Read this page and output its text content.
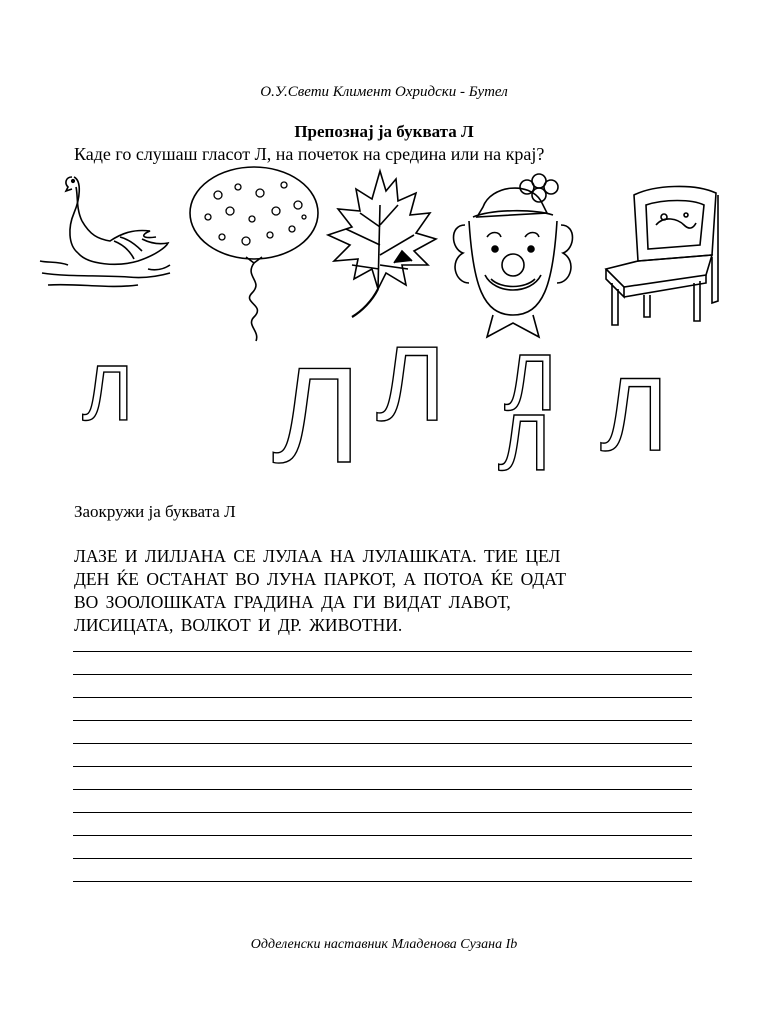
О.У.Свети Климент Охридски - Бутел
Препознај ја буквата Л
Каде го слушаш гласот Л, на почеток на средина или на крај?
Л Л Л Л
Л Л
Заокружи ја буквата Л
ЛАЗЕ И ЛИЛЈАНА СЕ ЛУЛАА НА ЛУЛАШКАТА. ТИЕ ЦЕЛ
ДЕН ЌЕ ОСТАНАТ ВО ЛУНА ПАРКОТ, А ПОТОА ЌЕ ОДАТ
ВО ЗООЛОШКАТА ГРАДИНА ДА ГИ ВИДАТ ЛАВОТ,
ЛИСИЦАТА, ВОЛКОТ И ДР. ЖИВОТНИ.
Одделенски наставник Младенова Сузана Ib
